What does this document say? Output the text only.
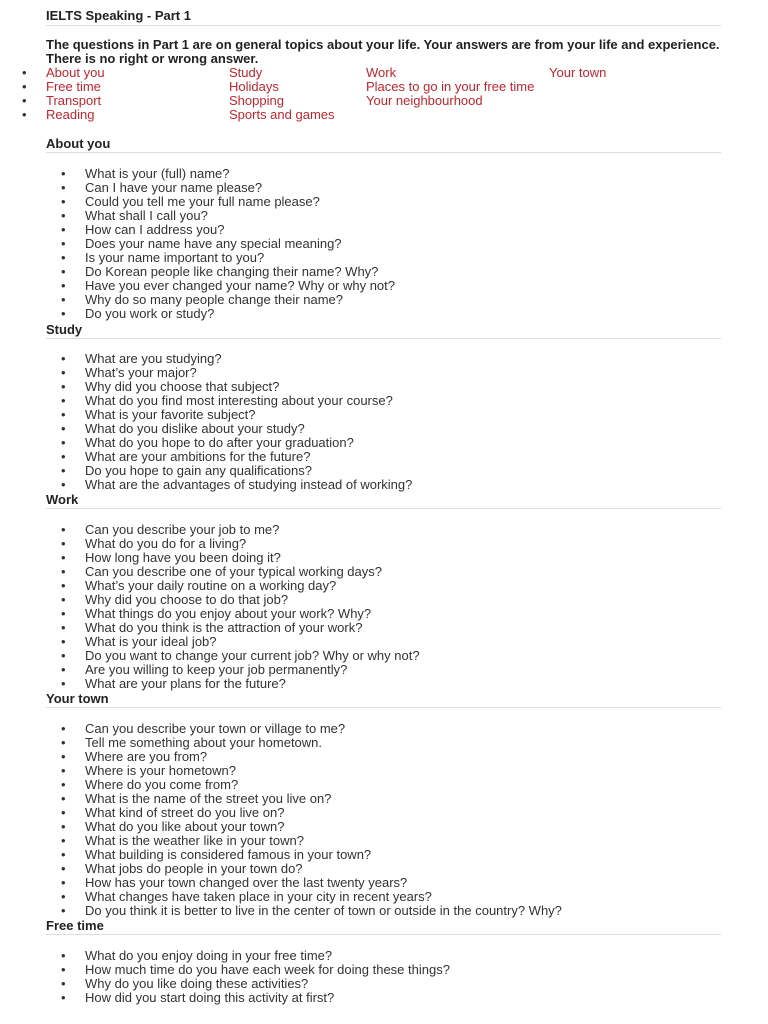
IELTS Speaking - Part 1
The questions in Part 1 are on general topics about your life. Your answers are from your life and experience. There is no right or wrong answer.
• About you	Study	Work	Your town
• Free time	Holidays	Places to go in your free time
• Transport	Shopping	Your neighbourhood
• Reading	Sports and games
About you
• What is your (full) name?
• Can I have your name please?
• Could you tell me your full name please?
• What shall I call you?
• How can I address you?
• Does your name have any special meaning?
• Is your name important to you?
• Do Korean people like changing their name? Why?
• Have you ever changed your name? Why or why not?
• Why do so many people change their name?
• Do you work or study?
Study
• What are you studying?
• What’s your major?
• Why did you choose that subject?
• What do you find most interesting about your course?
• What is your favorite subject?
• What do you dislike about your study?
• What do you hope to do after your graduation?
• What are your ambitions for the future?
• Do you hope to gain any qualifications?
• What are the advantages of studying instead of working?
Work
• Can you describe your job to me?
• What do you do for a living?
• How long have you been doing it?
• Can you describe one of your typical working days?
• What’s your daily routine on a working day?
• Why did you choose to do that job?
• What things do you enjoy about your work? Why?
• What do you think is the attraction of your work?
• What is your ideal job?
• Do you want to change your current job? Why or why not?
• Are you willing to keep your job permanently?
• What are your plans for the future?
Your town
• Can you describe your town or village to me?
• Tell me something about your hometown.
• Where are you from?
• Where is your hometown?
• Where do you come from?
• What is the name of the street you live on?
• What kind of street do you live on?
• What do you like about your town?
• What is the weather like in your town?
• What building is considered famous in your town?
• What jobs do people in your town do?
• How has your town changed over the last twenty years?
• What changes have taken place in your city in recent years?
• Do you think it is better to live in the center of town or outside in the country? Why?
Free time
• What do you enjoy doing in your free time?
• How much time do you have each week for doing these things?
• Why do you like doing these activities?
• How did you start doing this activity at first?
